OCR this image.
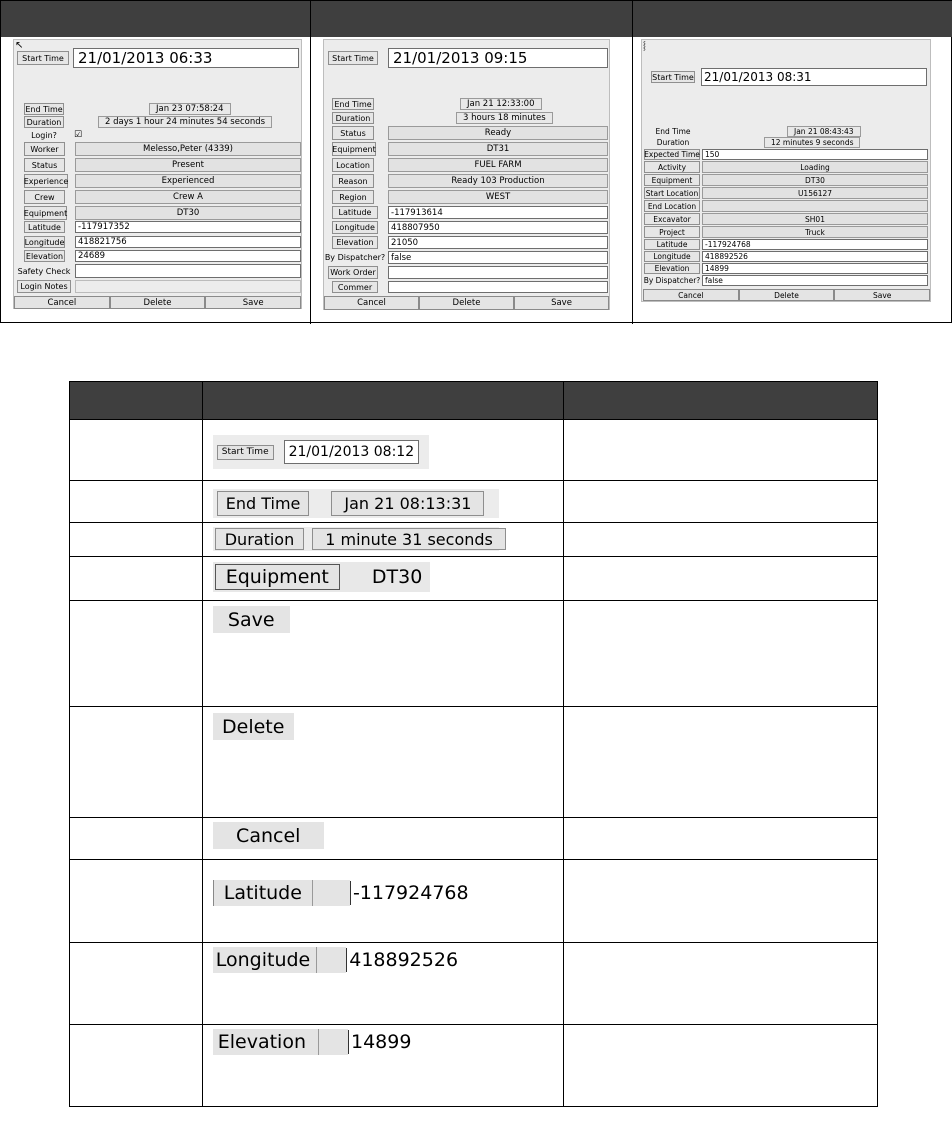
↖
Start Time 21/01/2013 06:33
End Time	Jan 23 07:58:24
Duration	2 days 1 hour 24 minutes 54 seconds
Login?	☑
Worker	Melesso,Peter (4339)
Status	Present
Experience	Experienced
Crew	Crew A
Equipment	DT30
Latitude	-117917352
Longitude	418821756
Elevation	24689
Safety Check
Login Notes
Cancel	Delete	Save
Start Time	21/01/2013 09:15
End Time	Jan 21 12:33:00
Duration	3 hours 18 minutes
Status	Ready
Equipment	DT31
Location	FUEL FARM
Reason	Ready 103 Production
Region	WEST
Latitude	-117913614
Longitude	418807950
Elevation	21050
By Dispatcher? false
Work Order
Commer
Cancel	Delete	Save
⸾
Start Time 21/01/2013 08:31
End Time	Jan 21 08:43:43
Duration	12 minutes 9 seconds
Expected Time 150
Activity	Loading
Equipment	DT30
Start Location	U156127
End Location
Excavator	SH01
Project	Truck
Latitude	-117924768
Longitude	418892526
Elevation	14899
By Dispatcher? false
Cancel	Delete	Save

Start Time 21/01/2013 08:12	

End Time Jan 21 08:13:31	

Duration 1 minute 31 seconds	

Equipment DT30	

Save	

Delete	

Cancel	

Latitude -117924768	

Longitude 418892526	

Elevation 14899	
